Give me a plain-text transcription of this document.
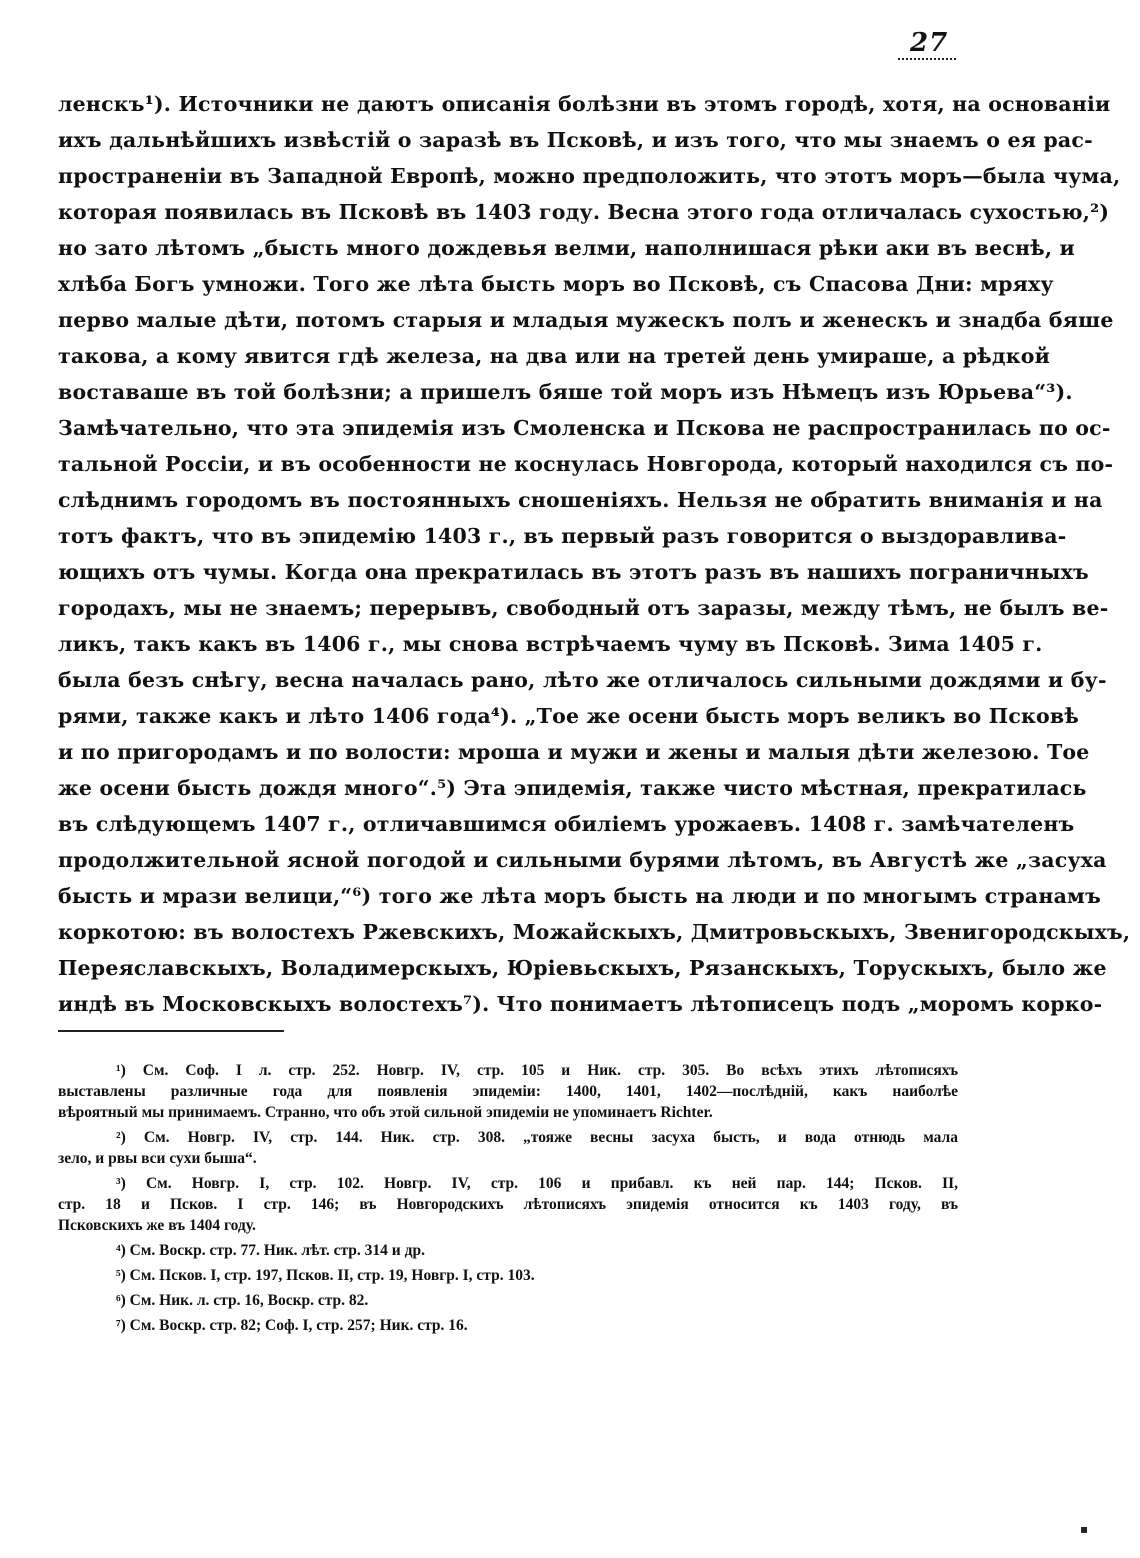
27
ленскъ¹). Источники не даютъ описанія болѣзни въ этомъ городѣ, хотя, на основаніи
ихъ дальнѣйшихъ извѣстій о заразѣ въ Псковѣ, и изъ того, что мы знаемъ о ея рас-
пространеніи въ Западной Европѣ, можно предположить, что этотъ моръ—была чума,
которая появилась въ Псковѣ въ 1403 году. Весна этого года отличалась сухостью,²)
но зато лѣтомъ „бысть много дождевья велми, наполнишася рѣки аки въ веснѣ, и
хлѣба Богъ умножи. Того же лѣта бысть моръ во Псковѣ, съ Спасова Дни: мряху
перво малые дѣти, потомъ старыя и младыя мужескъ полъ и женескъ и знадба бяше
такова, а кому явится гдѣ железа, на два или на третей день умираше, а рѣдкой
воставаше въ той болѣзни; а пришелъ бяше той моръ изъ Нѣмецъ изъ Юрьева“³).
Замѣчательно, что эта эпидемія изъ Смоленска и Пскова не распространилась по ос-
тальной Россіи, и въ особенности не коснулась Новгорода, который находился съ по-
слѣднимъ городомъ въ постоянныхъ сношеніяхъ. Нельзя не обратить вниманія и на
тотъ фактъ, что въ эпидемію 1403 г., въ первый разъ говорится о выздоравлива-
ющихъ отъ чумы. Когда она прекратилась въ этотъ разъ въ нашихъ пограничныхъ
городахъ, мы не знаемъ; перерывъ, свободный отъ заразы, между тѣмъ, не былъ ве-
ликъ, такъ какъ въ 1406 г., мы снова встрѣчаемъ чуму въ Псковѣ. Зима 1405 г.
была безъ снѣгу, весна началась рано, лѣто же отличалось сильными дождями и бу-
рями, также какъ и лѣто 1406 года⁴). „Тое же осени бысть моръ великъ во Псковѣ
и по пригородамъ и по волости: мроша и мужи и жены и малыя дѣти железою. Тое
же осени бысть дождя много“.⁵) Эта эпидемія, также чисто мѣстная, прекратилась
въ слѣдующемъ 1407 г., отличавшимся обиліемъ урожаевъ. 1408 г. замѣчателенъ
продолжительной ясной погодой и сильными бурями лѣтомъ, въ Августѣ же „засуха
бысть и мрази велици,“⁶) того же лѣта моръ бысть на люди и по многымъ странамъ
коркотою: въ волостехъ Ржевскихъ, Можайскыхъ, Дмитровьскыхъ, Звенигородскыхъ,
Переяславскыхъ, Воладимерскыхъ, Юріевьскыхъ, Рязанскыхъ, Торускыхъ, было же
индѣ въ Московскыхъ волостехъ⁷). Что понимаетъ лѣтописецъ подъ „моромъ корко-
¹) См. Соф. I л. стр. 252. Новгр. IV, стр. 105 и Ник. стр. 305. Во всѣхъ этихъ лѣтописяхъ
выставлены различные года для появленія эпидеміи: 1400, 1401, 1402—послѣдній, какъ наиболѣе
вѣроятный мы принимаемъ. Странно, что объ этой сильной эпидеміи не упоминаетъ Richter.
²) См. Новгр. IV, стр. 144. Ник. стр. 308. „тояже весны засуха бысть, и вода отнюдь мала
зело, и рвы вси сухи быша“.
³) См. Новгр. I, стр. 102. Новгр. IV, стр. 106 и прибавл. къ ней пар. 144; Псков. II,
стр. 18 и Псков. I стр. 146; въ Новгородскихъ лѣтописяхъ эпидемія относится къ 1403 году, въ
Псковскихъ же въ 1404 году.
⁴) См. Воскр. стр. 77. Ник. лѣт. стр. 314 и др.
⁵) См. Псков. I, стр. 197, Псков. II, стр. 19, Новгр. I, стр. 103.
⁶) См. Ник. л. стр. 16, Воскр. стр. 82.
⁷) См. Воскр. стр. 82; Соф. I, стр. 257; Ник. стр. 16.
▪
